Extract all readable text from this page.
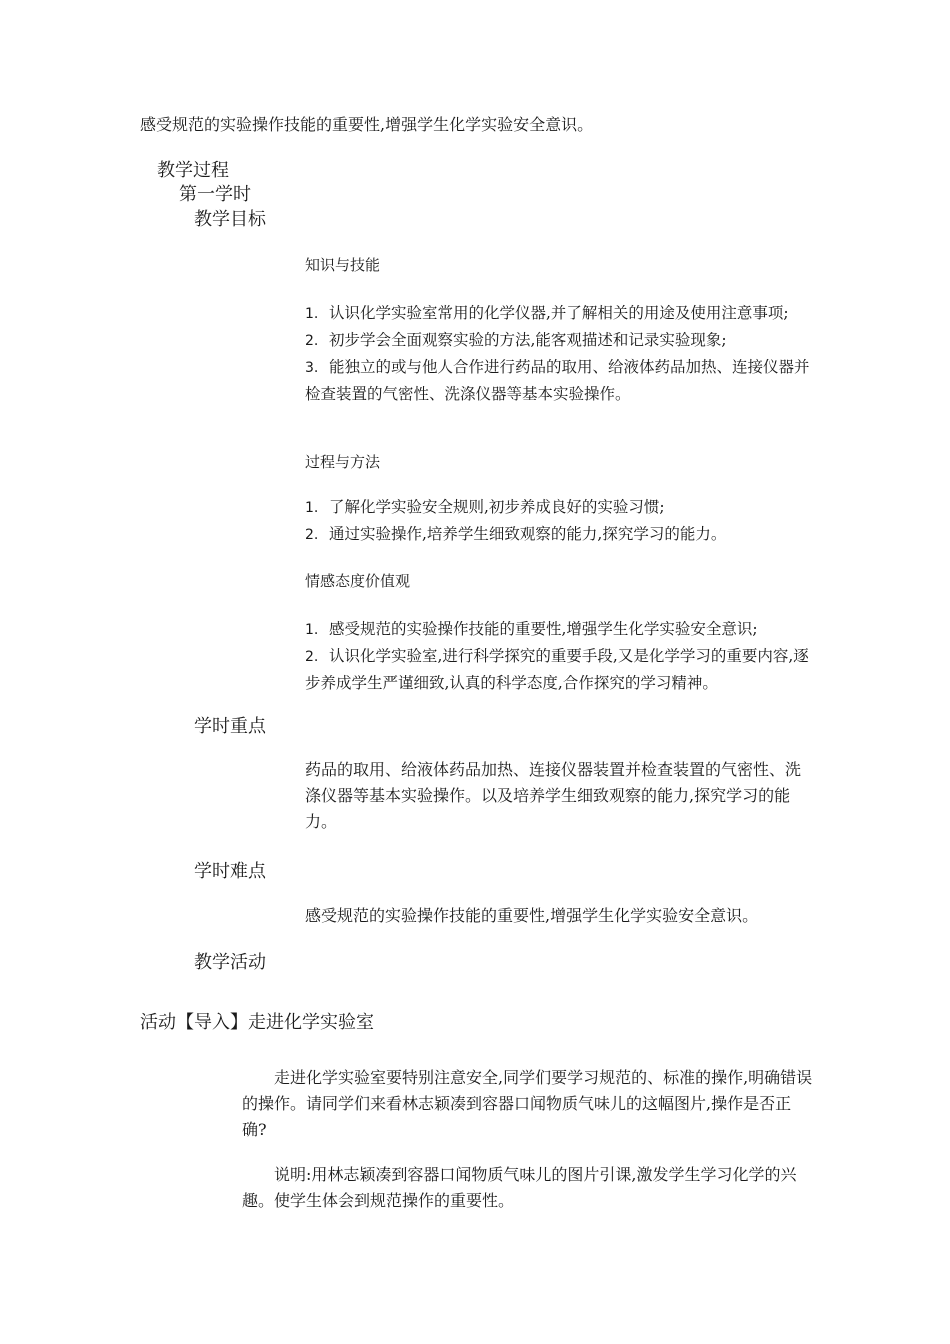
感受规范的实验操作技能的重要性,增强学生化学实验安全意识。
教学过程
第一学时
教学目标
知识与技能
1. 认识化学实验室常用的化学仪器,并了解相关的用途及使用注意事项;
2. 初步学会全面观察实验的方法,能客观描述和记录实验现象;
3. 能独立的或与他人合作进行药品的取用、给液体药品加热、连接仪器并检查装置的气密性、洗涤仪器等基本实验操作。
过程与方法
1. 了解化学实验安全规则,初步养成良好的实验习惯;
2. 通过实验操作,培养学生细致观察的能力,探究学习的能力。
情感态度价值观
1. 感受规范的实验操作技能的重要性,增强学生化学实验安全意识;
2. 认识化学实验室,进行科学探究的重要手段,又是化学学习的重要内容,逐步养成学生严谨细致,认真的科学态度,合作探究的学习精神。
学时重点
药品的取用、给液体药品加热、连接仪器装置并检查装置的气密性、洗涤仪器等基本实验操作。以及培养学生细致观察的能力,探究学习的能力。
学时难点
感受规范的实验操作技能的重要性,增强学生化学实验安全意识。
教学活动
活动【导入】走进化学实验室
走进化学实验室要特别注意安全,同学们要学习规范的、标准的操作,明确错误的操作。请同学们来看林志颖凑到容器口闻物质气味儿的这幅图片,操作是否正确?
说明:用林志颖凑到容器口闻物质气味儿的图片引课,激发学生学习化学的兴趣。使学生体会到规范操作的重要性。
